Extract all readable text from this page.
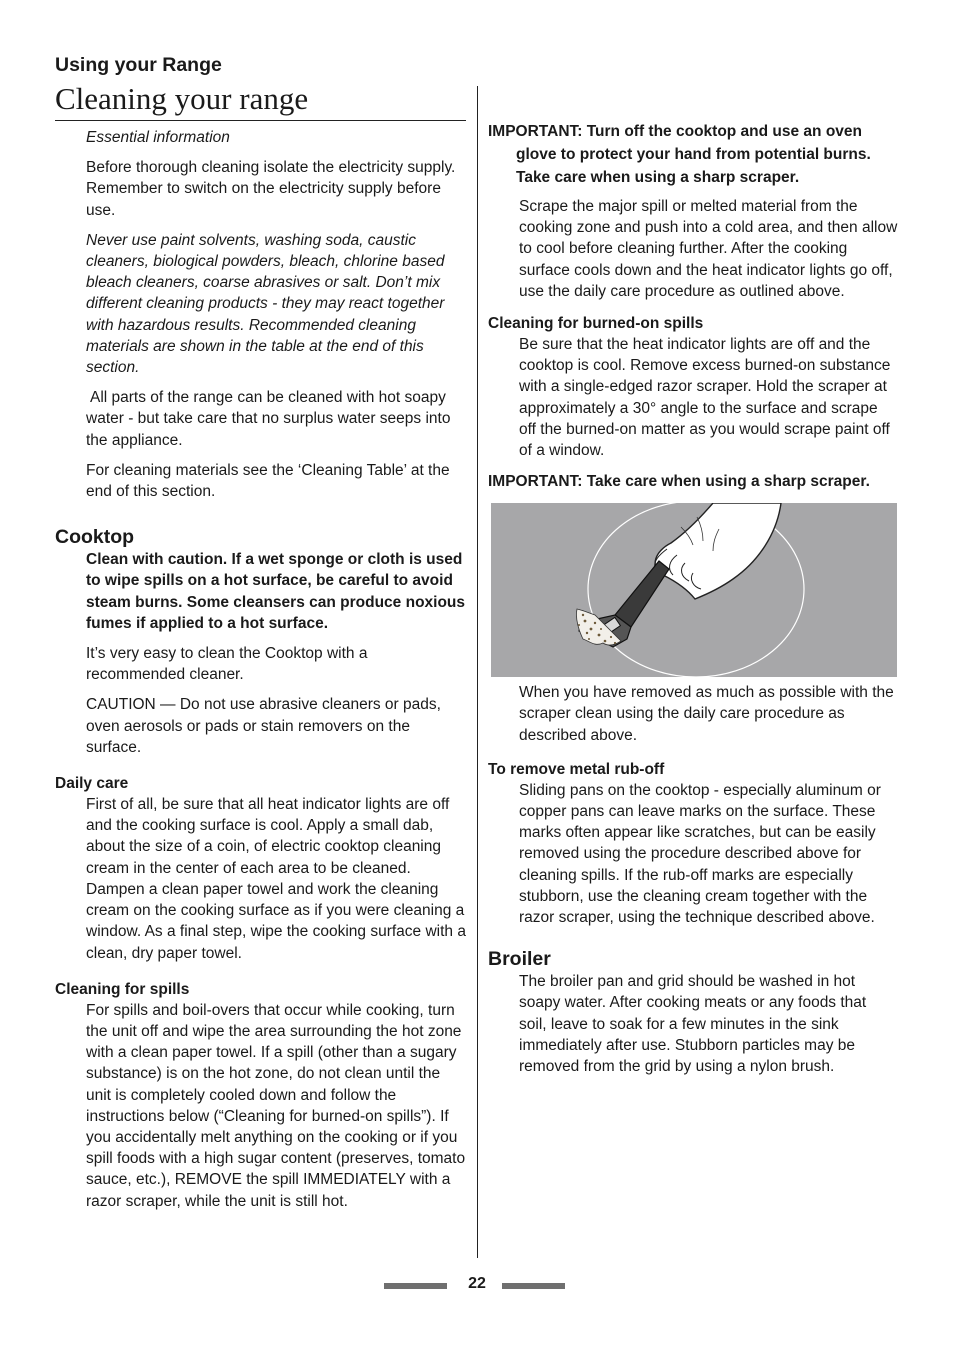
Using your Range
Cleaning your range

Essential information

Before thorough cleaning isolate the electricity supply. Remember to switch on the electricity supply before use.

Never use paint solvents, washing soda, caustic cleaners, biological powders, bleach, chlorine based bleach cleaners, coarse abrasives or salt. Don’t mix different cleaning products - they may react together with hazardous results. Recommended cleaning materials are shown in the table at the end of this section.

All parts of the range can be cleaned with hot soapy water - but take care that no surplus water seeps into the appliance.

For cleaning materials see the ‘Cleaning Table’ at the end of this section.

Cooktop

Clean with caution. If a wet sponge or cloth is used to wipe spills on a hot surface, be careful to avoid steam burns. Some cleansers can produce noxious fumes if applied to a hot surface.

It’s very easy to clean the Cooktop with a recommended cleaner.

CAUTION — Do not use abrasive cleaners or pads, oven aerosols or pads or stain removers on the surface.

Daily care

First of all, be sure that all heat indicator lights are off and the cooking surface is cool. Apply a small dab, about the size of a coin, of electric cooktop cleaning cream in the center of each area to be cleaned. Dampen a clean paper towel and work the cleaning cream on the cooking surface as if you were cleaning a window. As a final step, wipe the cooking surface with a clean, dry paper towel.

Cleaning for spills

For spills and boil-overs that occur while cooking, turn the unit off and wipe the area surrounding the hot zone with a clean paper towel. If a spill (other than a sugary substance) is on the hot zone, do not clean until the unit is completely cooled down and follow the instructions below (“Cleaning for burned-on spills”). If you accidentally melt anything on the cooking or if you spill foods with a high sugar content (preserves, tomato sauce, etc.), REMOVE the spill IMMEDIATELY with a razor scraper, while the unit is still hot.

IMPORTANT: Turn off the cooktop and use an oven glove to protect your hand from potential burns. Take care when using a sharp scraper.

Scrape the major spill or melted material from the cooking zone and push into a cold area, and then allow to cool before cleaning further. After the cooking surface cools down and the heat indicator lights go off, use the daily care procedure as outlined above.

Cleaning for burned-on spills

Be sure that the heat indicator lights are off and the cooktop is cool. Remove excess burned-on substance with a single-edged razor scraper. Hold the scraper at approximately a 30° angle to the surface and scrape off the burned-on matter as you would scrape paint off of a window.

IMPORTANT: Take care when using a sharp scraper.

When you have removed as much as possible with the scraper clean using the daily care procedure as described above.

To remove metal rub-off

Sliding pans on the cooktop - especially aluminum or copper pans can leave marks on the surface. These marks often appear like scratches, but can be easily removed using the procedure described above for cleaning spills. If the rub-off marks are especially stubborn, use the cleaning cream together with the razor scraper, using the technique described above.

Broiler

The broiler pan and grid should be washed in hot soapy water. After cooking meats or any foods that soil, leave to soak for a few minutes in the sink immediately after use. Stubborn particles may be removed from the grid by using a nylon brush.

22
